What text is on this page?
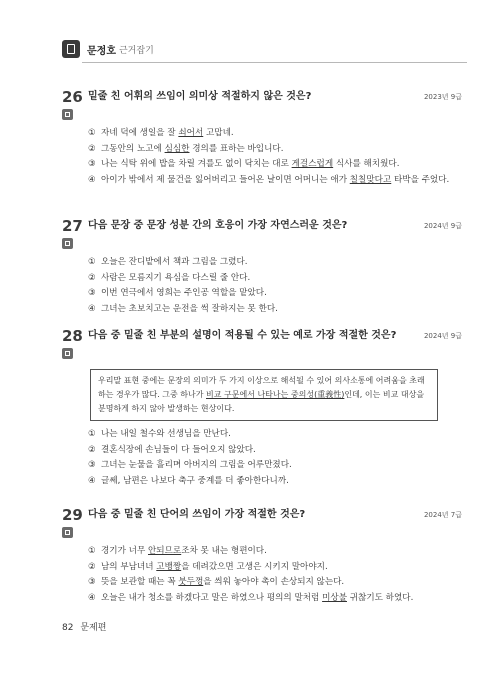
문정호 근거잡기
26 밑줄 친 어휘의 쓰임이 의미상 적절하지 않은 것은?	2023년 9급
① 자네 덕에 생일을 잘 쇠어서 고맙네.
② 그동안의 노고에 심심한 경의를 표하는 바입니다.
③ 나는 식탁 위에 밥을 차릴 겨를도 없이 닥치는 대로 게걸스럽게 식사를 해치웠다.
④ 아이가 밖에서 제 물건을 잃어버리고 들어온 날이면 어머니는 애가 칠칠맞다고 타박을 주었다.
27 다음 문장 중 문장 성분 간의 호응이 가장 자연스러운 것은?	2024년 9급
① 오늘은 잔디밭에서 책과 그림을 그렸다.
② 사람은 모름지기 욕심을 다스릴 줄 안다.
③ 이번 연극에서 영희는 주인공 역할을 맡았다.
④ 그녀는 초보치고는 운전을 썩 잘하지는 못 한다.
28 다음 중 밑줄 친 부분의 설명이 적용될 수 있는 예로 가장 적절한 것은?	2024년 9급
우리말 표현 중에는 문장의 의미가 두 가지 이상으로 해석될 수 있어 의사소통에 어려움을 초래하는 경우가 많다. 그중 하나가 비교 구문에서 나타나는 중의성(重義性)인데, 이는 비교 대상을 분명하게 하지 않아 발생하는 현상이다.
① 나는 내일 철수와 선생님을 만난다.
② 결혼식장에 손님들이 다 들어오지 않았다.
③ 그녀는 눈물을 흘리며 아버지의 그림을 어루만졌다.
④ 글쎄, 남편은 나보다 축구 중계를 더 좋아한다니까.
29 다음 중 밑줄 친 단어의 쓰임이 가장 적절한 것은?	2024년 7급
① 경기가 너무 안되므로조차 못 내는 형편이다.
② 남의 부남녀녀 고뱅짱을 데려갔으면 고생은 시키지 말아야지.
③ 뜻을 보관할 때는 꼭 붓두껑을 씌워 놓아야 촉이 손상되지 않는다.
④ 오늘은 내가 청소를 하겠다고 말은 하였으나 평의의 말처럼 미상불 귀찮기도 하였다.
82 문제편
